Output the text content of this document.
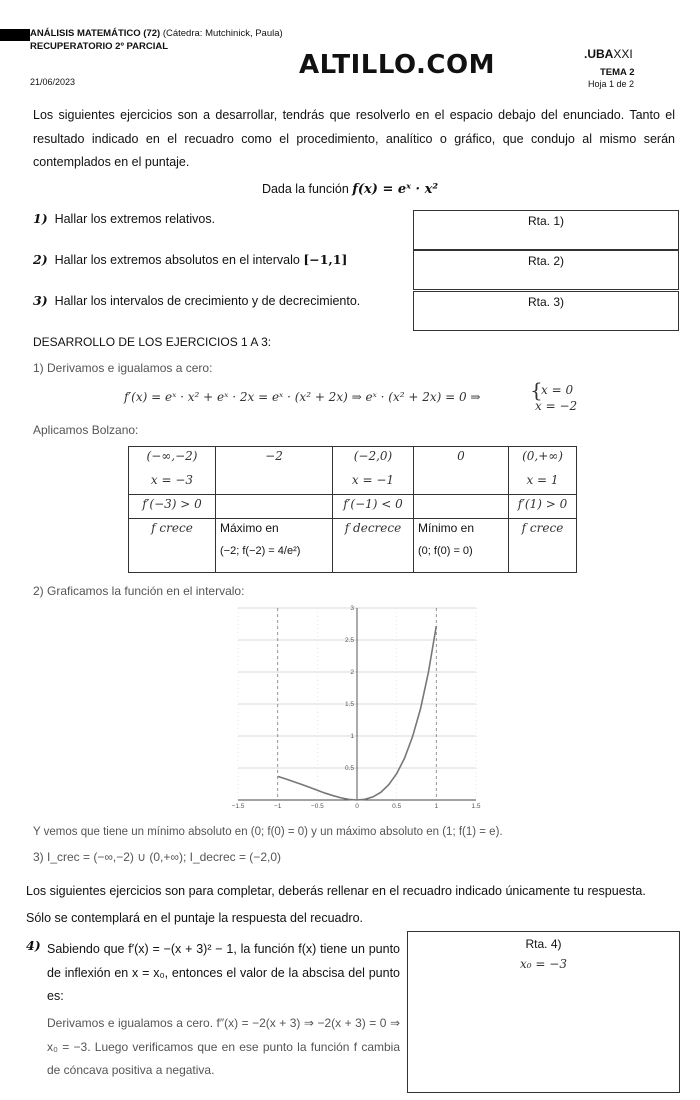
ANÁLISIS MATEMÁTICO (72) (Cátedra: Mutchinick, Paula)
RECUPERATORIO 2º PARCIAL
ALTILLO.COM	.UBAXXI
TEMA 2
Hoja 1 de 2
21/06/2023
Los siguientes ejercicios son a desarrollar, tendrás que resolverlo en el espacio debajo del enunciado. Tanto el resultado indicado en el recuadro como el procedimiento, analítico o gráfico, que condujo al mismo serán contemplados en el puntaje.
Dada la función f(x) = eˣ · x²
1) Hallar los extremos relativos.
2) Hallar los extremos absolutos en el intervalo [−1,1]
3) Hallar los intervalos de crecimiento y de decrecimiento.
Rta. 1)
Rta. 2)
Rta. 3)
DESARROLLO DE LOS EJERCICIOS 1 A 3:
1) Derivamos e igualamos a cero:
f′(x) = eˣ · x² + eˣ · 2x = eˣ · (x² + 2x) ⇒ eˣ · (x² + 2x) = 0 ⇒ {
x = 0
x = −2
Aplicamos Bolzano:
(−∞,−2)	−2	(−2,0)	0	(0,+∞)
x = −3		x = −1		x = 1
f′(−3) > 0		f′(−1) < 0		f′(1) > 0
f crece	Máximo en	f decrece	Mínimo en	f crece
	(−2; f(−2) = 4/e²)		(0; f(0) = 0)	
2) Graficamos la función en el intervalo:
−1.5	−1	−0.5	0	0.5	1	1.5
0.5
1
1.5
2
2.5
3
Y vemos que tiene un mínimo absoluto en (0; f(0) = 0) y un máximo absoluto en (1; f(1) = e).
3) I_crec = (−∞,−2) ∪ (0,+∞); I_decrec = (−2,0)
Los siguientes ejercicios son para completar, deberás rellenar en el recuadro indicado únicamente tu respuesta.
Sólo se contemplará en el puntaje la respuesta del recuadro.
4) Sabiendo que f′(x) = −(x + 3)² − 1, la función f(x) tiene un punto de inflexión en x = x₀, entonces el valor de la abscisa del punto es:
Derivamos e igualamos a cero. f″(x) = −2(x + 3) ⇒ −2(x + 3) = 0 ⇒ x₀ = −3. Luego verificamos que en ese punto la función f cambia de cóncava positiva a negativa.
Rta. 4)
x₀ = −3
